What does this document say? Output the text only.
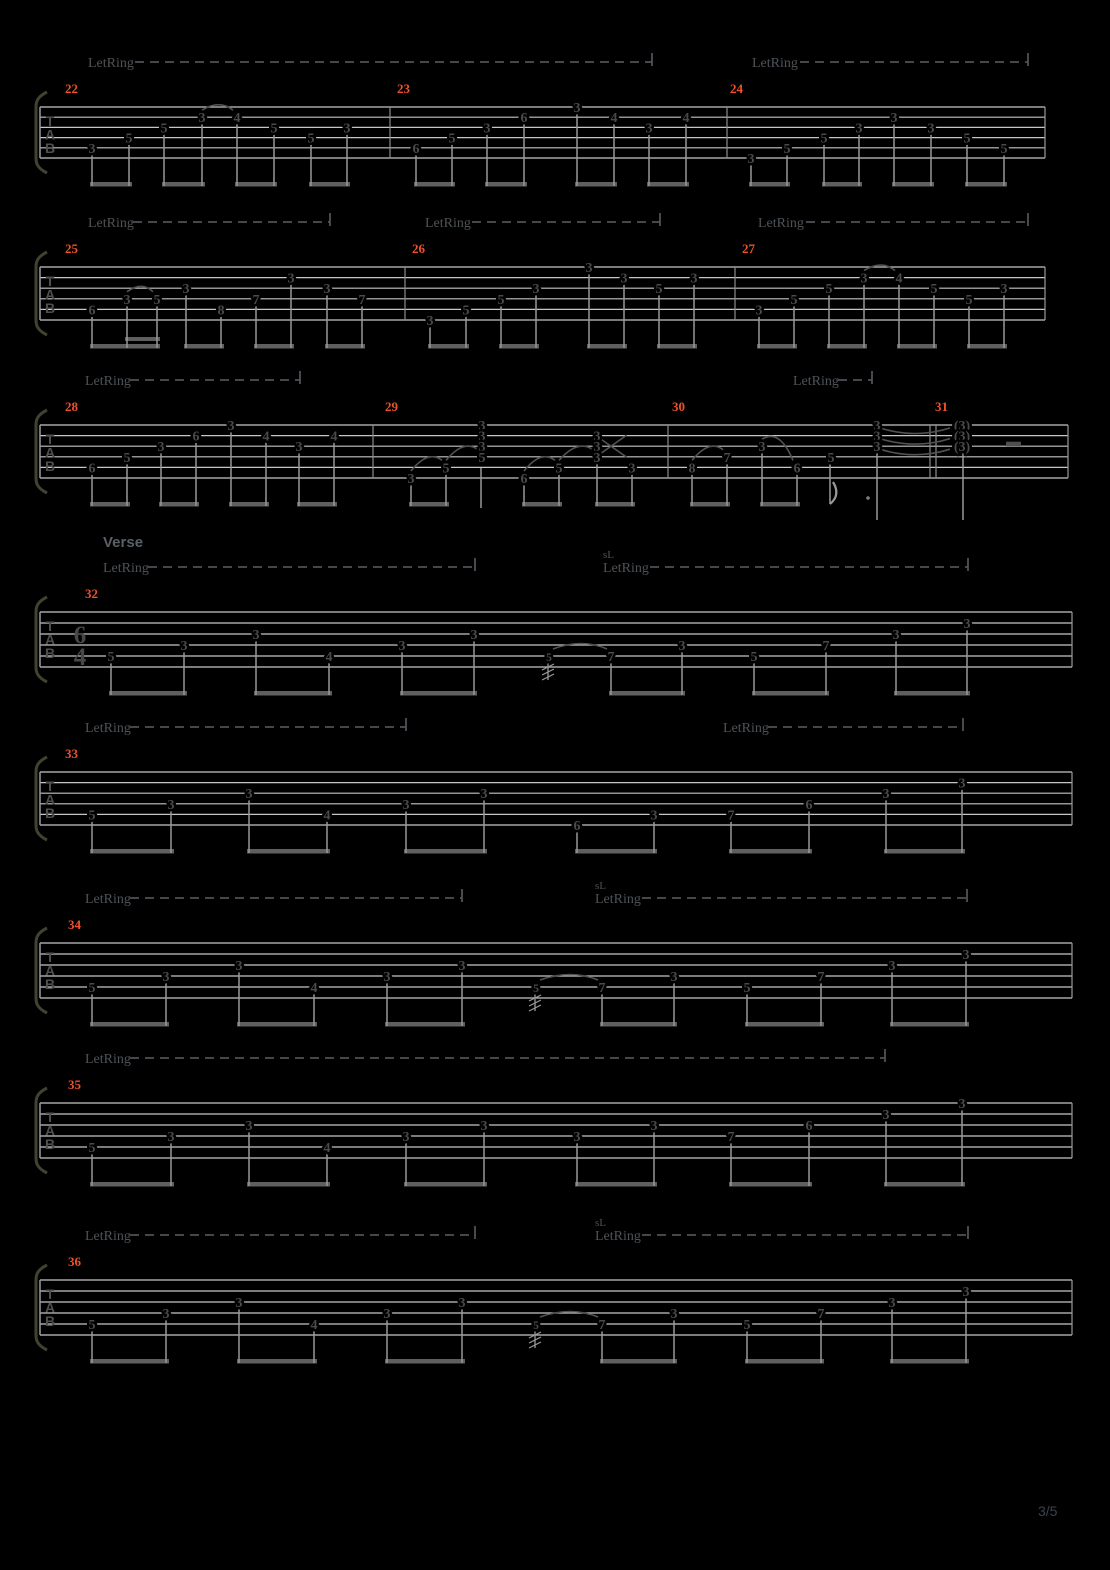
T
A
B 3
5
5
3 4
5
5
3
6
5
3
6
3
4
3
4
3
5
5
3
3
3
5
5
LetRing	LetRing
22	23	24
T
A
B 6
3 5
3
8
7
3
3
7
3
5
5
3
3
3
5
3
3
5
5
3 4
5
5
3
LetRing	LetRing	LetRing
25	26	27
T
A
B 6
5
3
6
3
4
3
4
3
5
3
3
3
5
6
5
3
3
3
3	8
7
3
6
5
3
3
3
(3)
(3)
(3)
LetRing	LetRing
28	29	30	31
T
A
B
6
4
Verse
5
3
3
4
3
3
5	7
3
5
7
3
3
LetRing	LetRing
sL
32
T
A
B 5
3
3
4
3
3
6
3	7
6
3
3
LetRing	LetRing
33
T
A
B 5
3
3
4
3
3
5	7
3
5
7
3
3
LetRing	LetRing
sL
34
T
A
B 5
3
3
4
3
3
3
3
7
6
3
3
LetRing
35
T
A
B 5
3
3
4
3
3
5	7
3
5
7
3
3
LetRing	LetRing
sL
36
3/5
